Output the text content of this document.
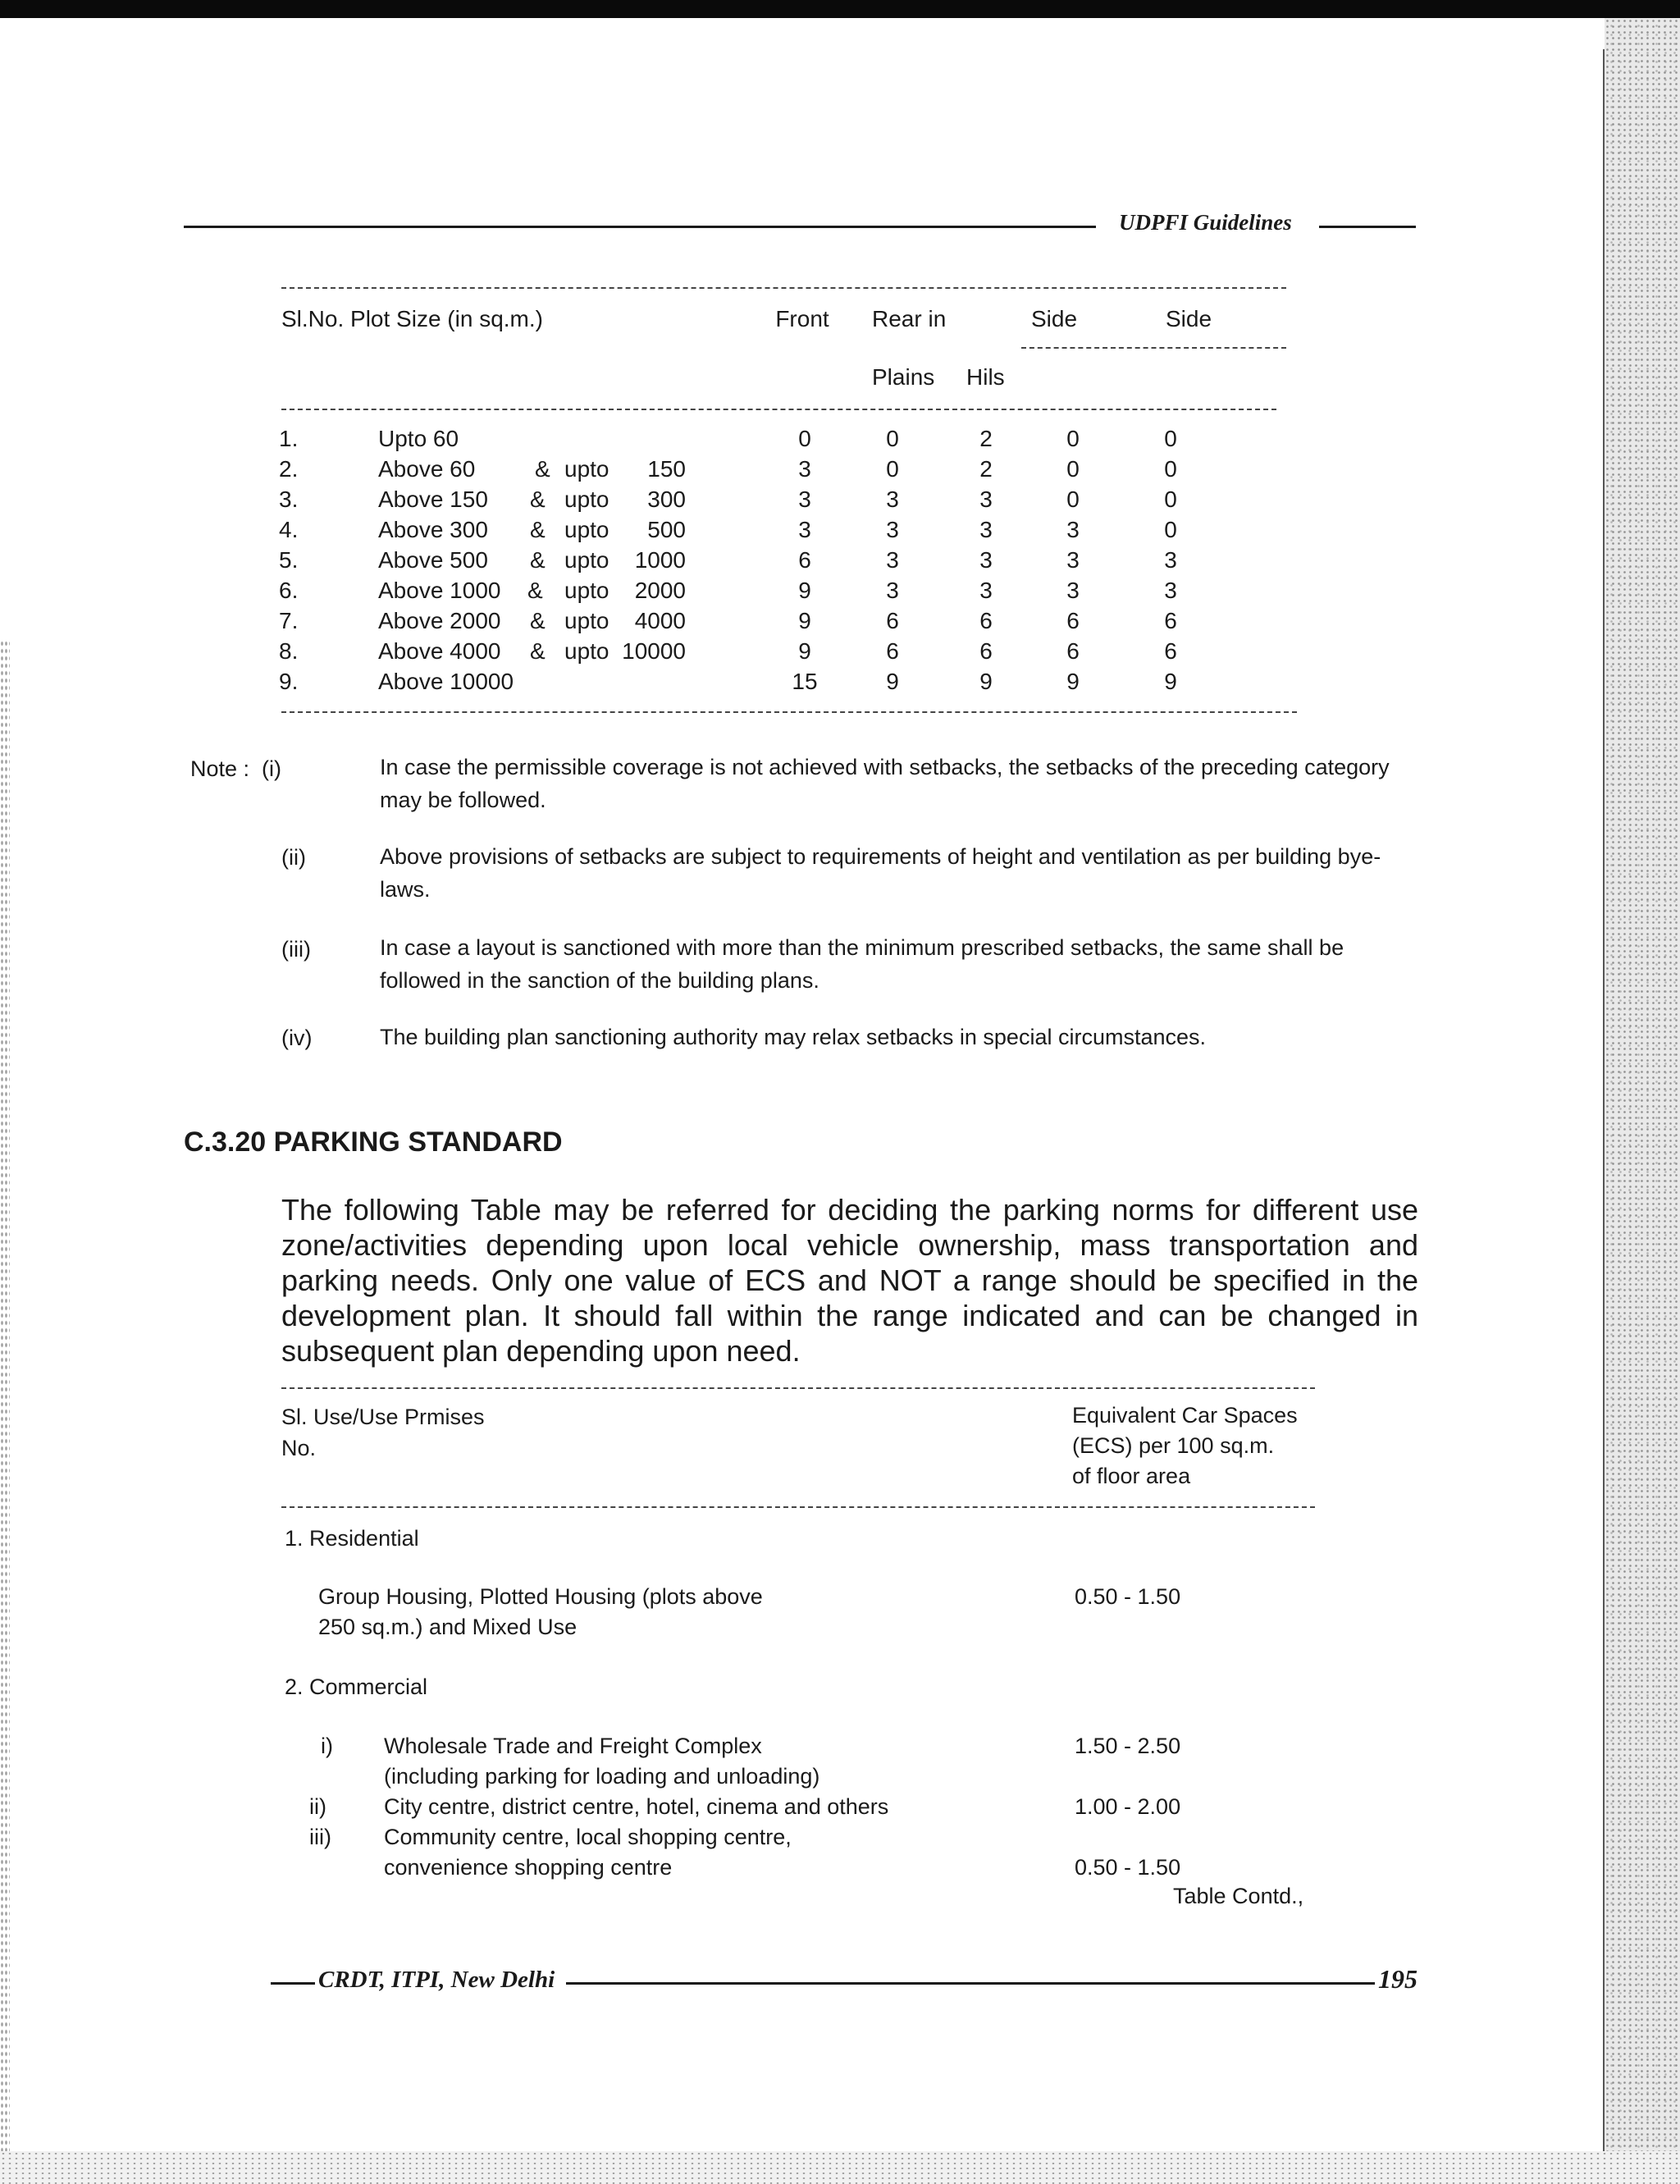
UDPFI Guidelines
Sl.No. Plot Size (in sq.m.)	Front	Rear in	Side	Side
Plains Hils
1.	Upto 60	0	0	2	0	0
2.	Above 60	& upto	150	3	0	2	0	0
3.	Above 150 & upto	300	3	3	3	0	0
4.	Above 300 & upto	500	3	3	3	3	0
5.	Above 500 & upto	1000	6	3	3	3	3
6.	Above 1000 & upto	2000	9	3	3	3	3
7.	Above 2000 & upto	4000	9	6	6	6	6
8.	Above 4000 & upto 10000	9	6	6	6	6
9.	Above 10000	15	9	9	9	9
Note : (i)	In case the permissible coverage is not achieved with setbacks, the setbacks of the preceding category may be followed.
(ii)	Above provisions of setbacks are subject to requirements of height and ventilation as per building bye-laws.
(iii)	In case a layout is sanctioned with more than the minimum prescribed setbacks, the same shall be followed in the sanction of the building plans.
(iv)	The building plan sanctioning authority may relax setbacks in special circumstances.
C.3.20 PARKING STANDARD
The following Table may be referred for deciding the parking norms for different use zone/activities depending upon local vehicle ownership, mass transportation and parking needs. Only one value of ECS and NOT a range should be specified in the development plan. It should fall within the range indicated and can be changed in subsequent plan depending upon need.
Sl. Use/Use Prmises
No.
Equivalent Car Spaces
(ECS) per 100 sq.m.
of floor area
1. Residential
Group Housing, Plotted Housing (plots above
250 sq.m.) and Mixed Use
0.50 - 1.50
2. Commercial
i) Wholesale Trade and Freight Complex	1.50 - 2.50
(including parking for loading and unloading)
ii)	City centre, district centre, hotel, cinema and others	1.00 - 2.00
iii) Community centre, local shopping centre,
convenience shopping centre	0.50 - 1.50
Table Contd.,
CRDT, ITPI, New Delhi	195
